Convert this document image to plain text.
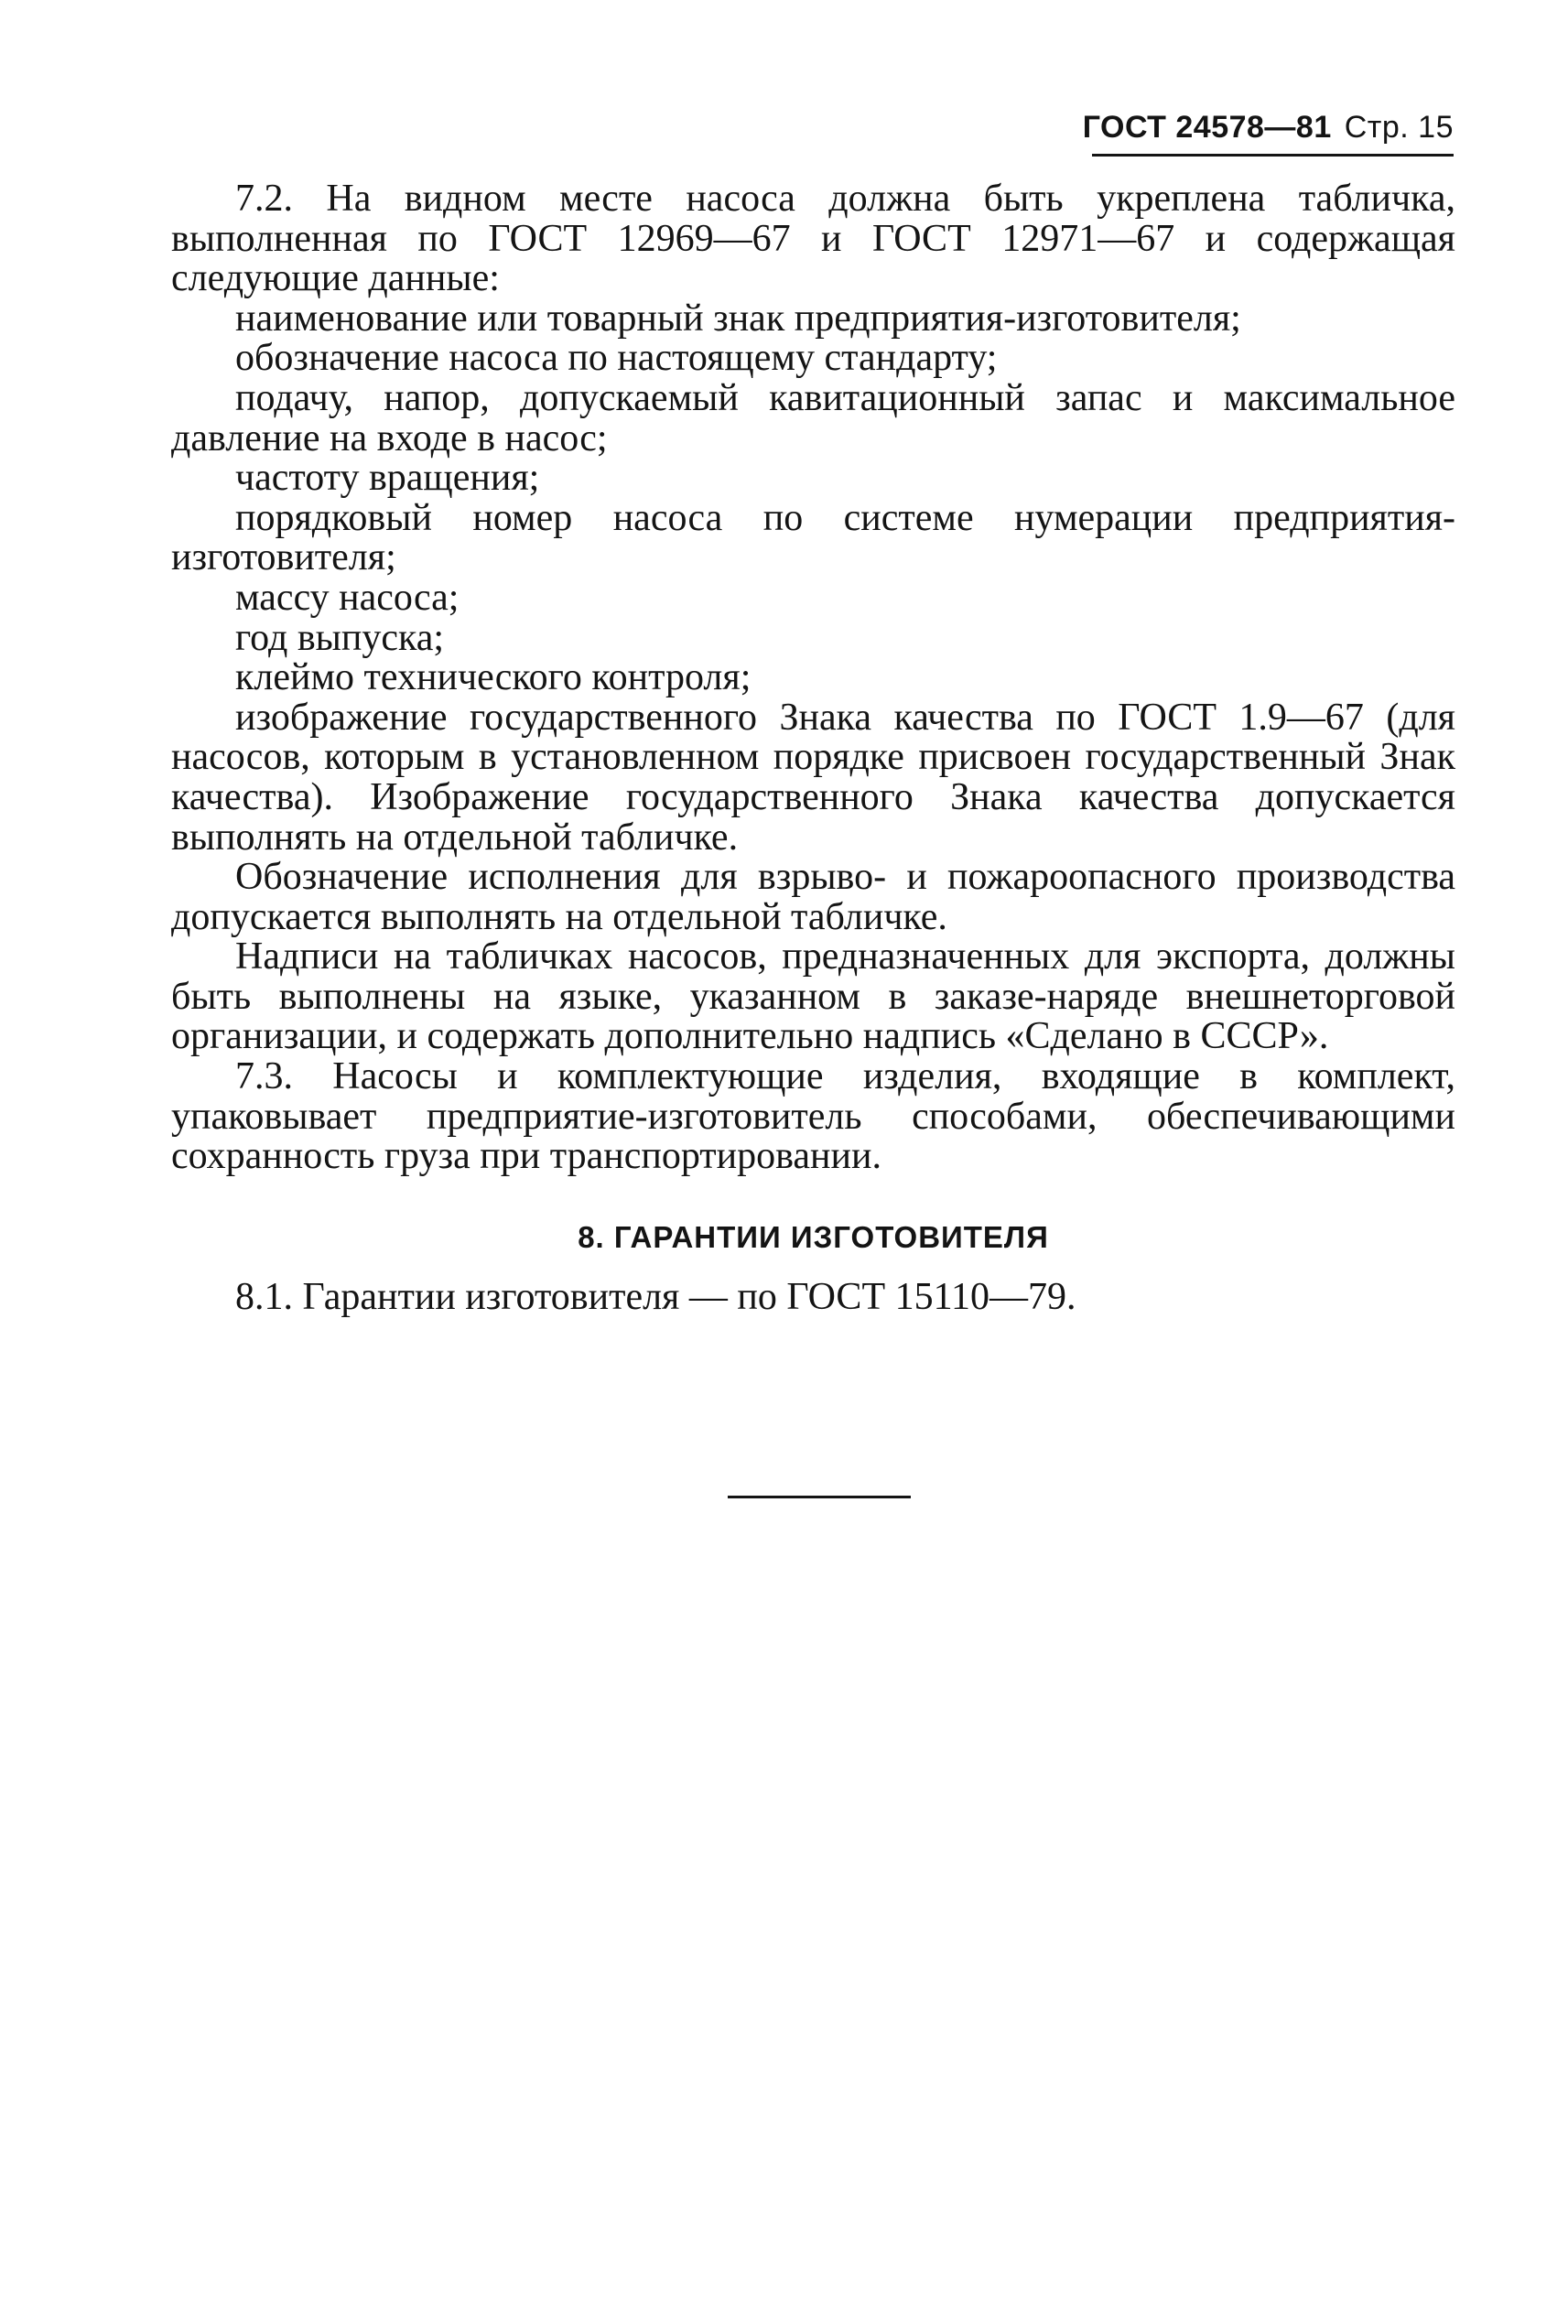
ГОСТ 24578—81 Стр. 15

7.2. На видном месте насоса должна быть укреплена табличка, выполненная по ГОСТ 12969—67 и ГОСТ 12971—67 и содержащая следующие данные:

наименование или товарный знак предприятия-изготовителя;

обозначение насоса по настоящему стандарту;

подачу, напор, допускаемый кавитационный запас и максимальное давление на входе в насос;

частоту вращения;

порядковый номер насоса по системе нумерации предприятия-изготовителя;

массу насоса;

год выпуска;

клеймо технического контроля;

изображение государственного Знака качества по ГОСТ 1.9—67 (для насосов, которым в установленном порядке присвоен государственный Знак качества). Изображение государственного Знака качества допускается выполнять на отдельной табличке.

Обозначение исполнения для взрыво- и пожароопасного производства допускается выполнять на отдельной табличке.

Надписи на табличках насосов, предназначенных для экспорта, должны быть выполнены на языке, указанном в заказе-наряде внешнеторговой организации, и содержать дополнительно надпись «Сделано в СССР».

7.3. Насосы и комплектующие изделия, входящие в комплект, упаковывает предприятие-изготовитель способами, обеспечивающими сохранность груза при транспортировании.

8. ГАРАНТИИ ИЗГОТОВИТЕЛЯ

8.1. Гарантии изготовителя — по ГОСТ 15110—79.
